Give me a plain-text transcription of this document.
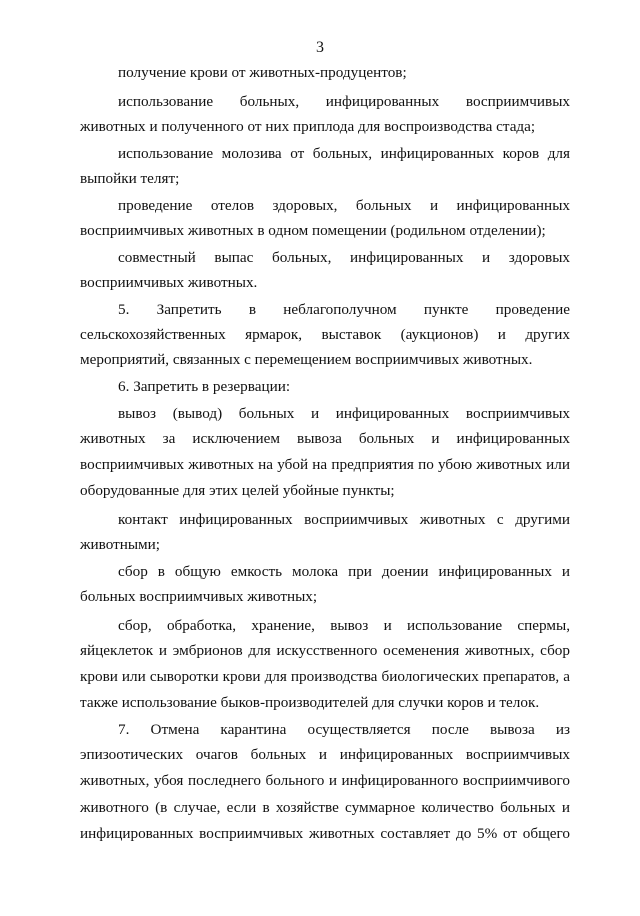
3
получение крови от животных-продуцентов;
использование больных, инфицированных восприимчивых
животных и полученного от них приплода для воспроизводства стада;
использование молозива от больных, инфицированных коров для
выпойки телят;
проведение отелов здоровых, больных и инфицированных
восприимчивых животных в одном помещении (родильном отделении);
совместный выпас больных, инфицированных и здоровых
восприимчивых животных.
5. Запретить в неблагополучном пункте проведение
сельскохозяйственных ярмарок, выставок (аукционов) и других
мероприятий, связанных с перемещением восприимчивых животных.
6. Запретить в резервации:
вывоз (вывод) больных и инфицированных восприимчивых
животных за исключением вывоза больных и инфицированных
восприимчивых животных на убой на предприятия по убою животных или
оборудованные для этих целей убойные пункты;
контакт инфицированных восприимчивых животных с другими
животными;
сбор в общую емкость молока при доении инфицированных и
больных восприимчивых животных;
сбор, обработка, хранение, вывоз и использование спермы,
яйцеклеток и эмбрионов для искусственного осеменения животных, сбор
крови или сыворотки крови для производства биологических препаратов, а
также использование быков-производителей для случки коров и телок.
7. Отмена карантина осуществляется после вывоза из
эпизоотических очагов больных и инфицированных восприимчивых
животных, убоя последнего больного и инфицированного восприимчивого
животного (в случае, если в хозяйстве суммарное количество больных и
инфицированных восприимчивых животных составляет до 5% от общего
